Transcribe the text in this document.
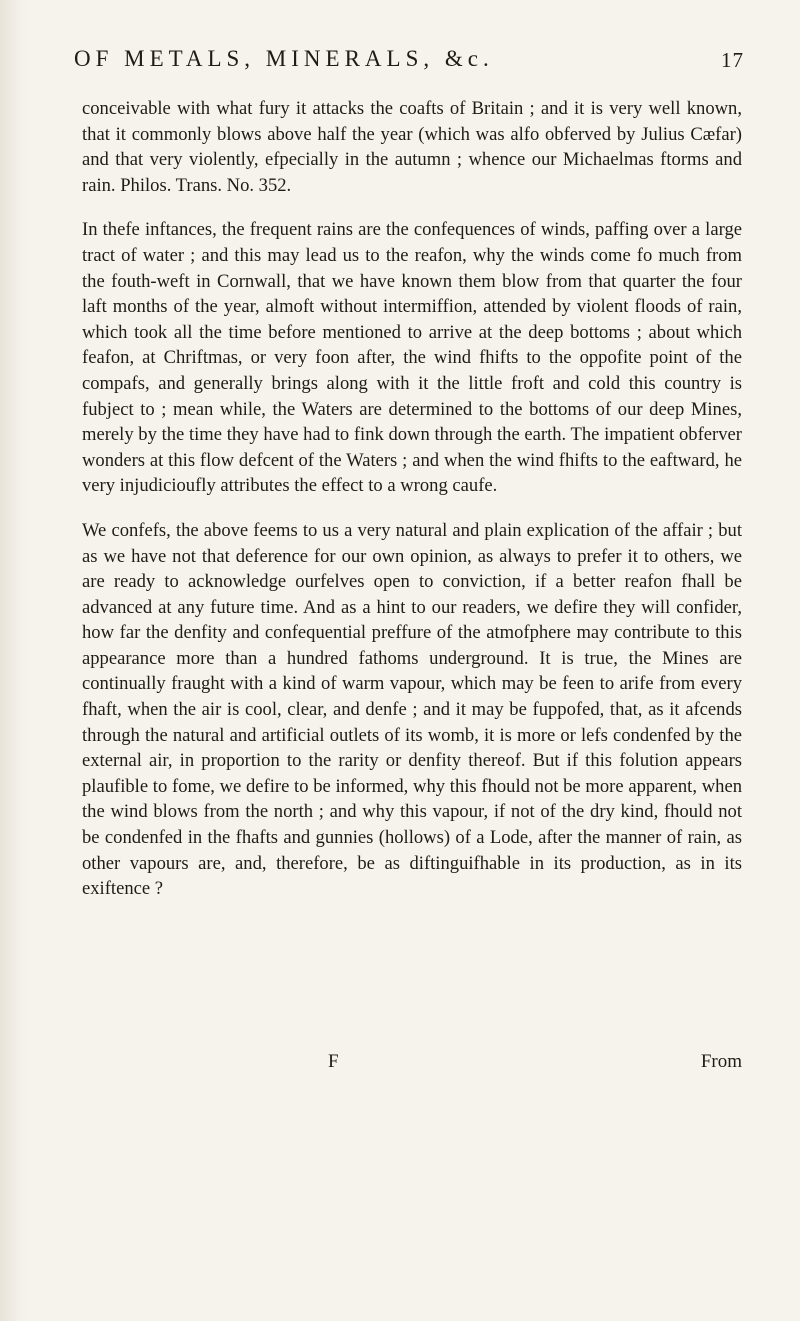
OF METALS, MINERALS, &c.	17

conceivable with what fury it attacks the coafts of Britain ; and it is very well known, that it commonly blows above half the year (which was alfo obferved by Julius Cæfar) and that very violently, efpecially in the autumn ; whence our Michaelmas ftorms and rain. Philos. Trans. No. 352.

In thefe inftances, the frequent rains are the confequences of winds, paffing over a large tract of water ; and this may lead us to the reafon, why the winds come fo much from the fouth-weft in Cornwall, that we have known them blow from that quarter the four laft months of the year, almoft without intermiffion, attended by violent floods of rain, which took all the time before mentioned to arrive at the deep bottoms ; about which feafon, at Chriftmas, or very foon after, the wind fhifts to the oppofite point of the compafs, and generally brings along with it the little froft and cold this country is fubject to ; mean while, the Waters are determined to the bottoms of our deep Mines, merely by the time they have had to fink down through the earth. The impatient obferver wonders at this flow defcent of the Waters ; and when the wind fhifts to the eaftward, he very injudicioufly attributes the effect to a wrong caufe.

We confefs, the above feems to us a very natural and plain explication of the affair ; but as we have not that deference for our own opinion, as always to prefer it to others, we are ready to acknowledge ourfelves open to conviction, if a better reafon fhall be advanced at any future time. And as a hint to our readers, we defire they will confider, how far the denfity and confequential preffure of the atmofphere may contribute to this appearance more than a hundred fathoms underground. It is true, the Mines are continually fraught with a kind of warm vapour, which may be feen to arife from every fhaft, when the air is cool, clear, and denfe ; and it may be fuppofed, that, as it afcends through the natural and artificial outlets of its womb, it is more or lefs condenfed by the external air, in proportion to the rarity or denfity thereof. But if this folution appears plaufible to fome, we defire to be informed, why this fhould not be more apparent, when the wind blows from the north ; and why this vapour, if not of the dry kind, fhould not be condenfed in the fhafts and gunnies (hollows) of a Lode, after the manner of rain, as other vapours are, and, therefore, be as diftinguifhable in its production, as in its exiftence ?

F	From
